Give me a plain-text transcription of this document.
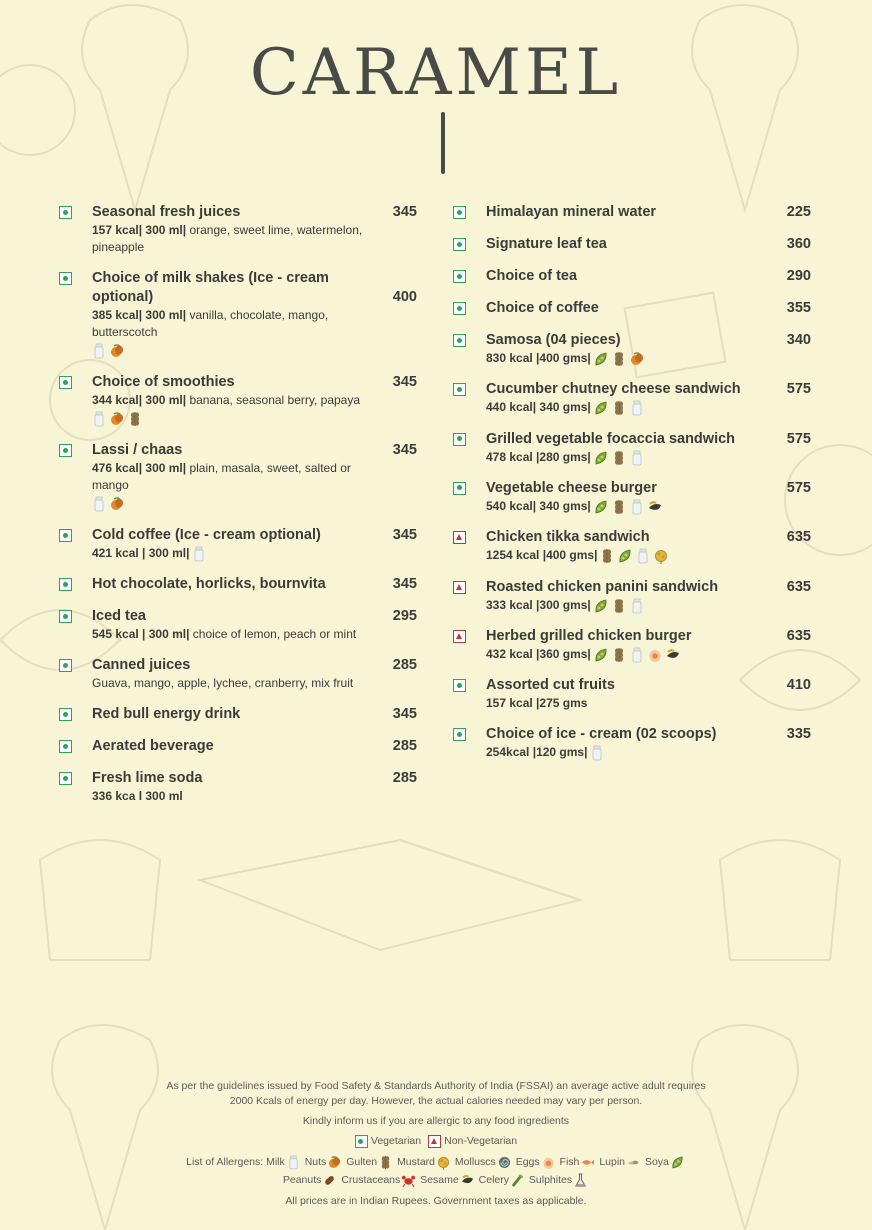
CARAMEL
Seasonal fresh juices	345
157 kcal| 300 ml| orange, sweet lime, watermelon, pineapple
Choice of milk shakes (Ice - cream optional)	400
385 kcal| 300 ml| vanilla, chocolate, mango, butterscotch
Choice of smoothies	345
344 kcal| 300 ml| banana, seasonal berry, papaya
Lassi / chaas	345
476 kcal| 300 ml| plain, masala, sweet, salted or mango
Cold coffee (Ice - cream optional)	345
421 kcal | 300 ml|
Hot chocolate, horlicks, bournvita	345
Iced tea	295
545 kcal | 300 ml| choice of lemon, peach or mint
Canned juices	285
Guava, mango, apple, lychee, cranberry, mix fruit
Red bull energy drink	345
Aerated beverage	285
Fresh lime soda	285
336 kca l 300 ml
Himalayan mineral water	225
Signature leaf tea	360
Choice of tea	290
Choice of coffee	355
Samosa (04 pieces)	340
830 kcal |400 gms|
Cucumber chutney cheese sandwich	575
440 kcal| 340 gms|
Grilled vegetable focaccia sandwich	575
478 kcal |280 gms|
Vegetable cheese burger	575
540 kcal| 340 gms|
Chicken tikka sandwich	635
1254 kcal |400 gms|
Roasted chicken panini sandwich	635
333 kcal |300 gms|
Herbed grilled chicken burger	635
432 kcal |360 gms|
Assorted cut fruits	410
157 kcal |275 gms
Choice of ice - cream (02 scoops)	335
254kcal |120 gms|

As per the guidelines issued by Food Safety & Standards Authority of India (FSSAI) an average active adult requires
2000 Kcals of energy per day. However, the actual calories needed may vary per person.

Kindly inform us if you are allergic to any food ingredients

Vegetarian Non-Vegetarian
List of Allergens: Milk Nuts Gulten Mustard Molluscs Eggs Fish Lupin Soya Peanuts Crustaceans Sesame Celery Sulphites

All prices are in Indian Rupees. Government taxes as applicable.
